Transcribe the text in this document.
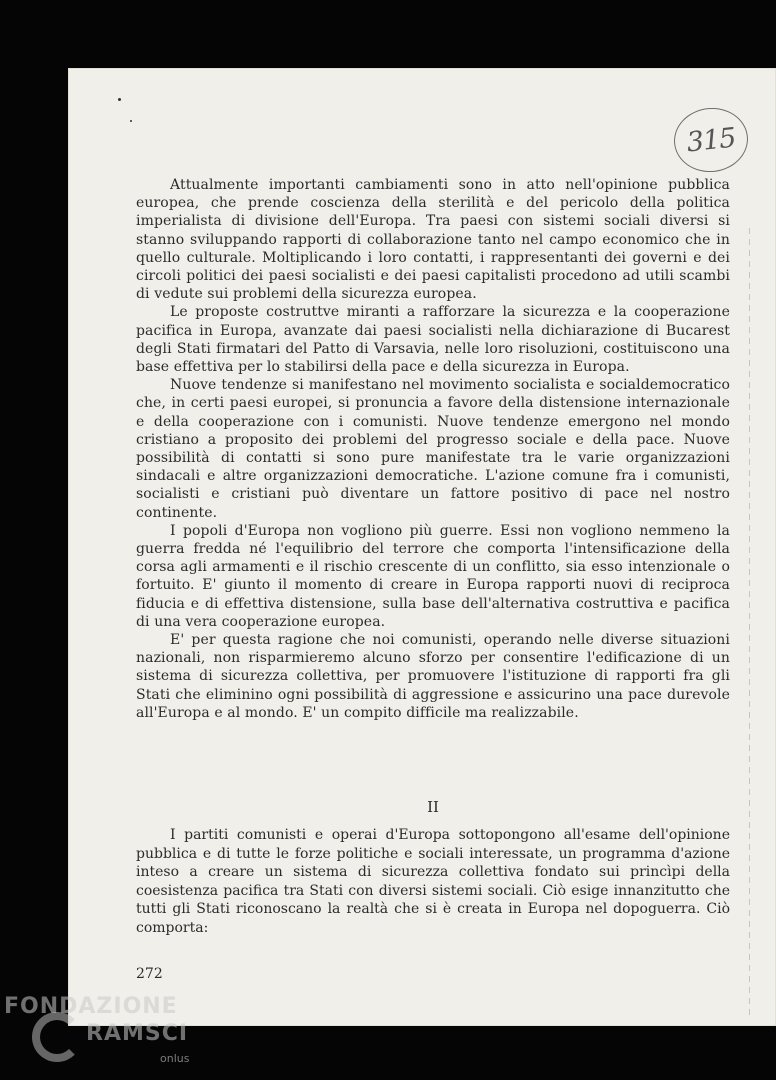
315

Attualmente importanti cambiamenti sono in atto nell'opinione pubblica europea, che prende coscienza della sterilità e del pericolo della politica imperialista di divisione dell'Europa. Tra paesi con sistemi sociali diversi si stanno sviluppando rapporti di collaborazione tanto nel campo economico che in quello culturale. Moltiplicando i loro contatti, i rappresentanti dei governi e dei circoli politici dei paesi socialisti e dei paesi capitalisti procedono ad utili scambi di vedute sui problemi della sicurezza europea.

Le proposte costruttve miranti a rafforzare la sicurezza e la cooperazione pacifica in Europa, avanzate dai paesi socialisti nella dichiarazione di Bucarest degli Stati firmatari del Patto di Varsavia, nelle loro risoluzioni, costituiscono una base effettiva per lo stabilirsi della pace e della sicurezza in Europa.

Nuove tendenze si manifestano nel movimento socialista e socialdemocratico che, in certi paesi europei, si pronuncia a favore della distensione internazionale e della cooperazione con i comunisti. Nuove tendenze emergono nel mondo cristiano a proposito dei problemi del progresso sociale e della pace. Nuove possibilità di contatti si sono pure manifestate tra le varie organizzazioni sindacali e altre organizzazioni democratiche. L'azione comune fra i comunisti, socialisti e cristiani può diventare un fattore positivo di pace nel nostro continente.

I popoli d'Europa non vogliono più guerre. Essi non vogliono nemmeno la guerra fredda né l'equilibrio del terrore che comporta l'intensificazione della corsa agli armamenti e il rischio crescente di un conflitto, sia esso intenzionale o fortuito. E' giunto il momento di creare in Europa rapporti nuovi di reciproca fiducia e di effettiva distensione, sulla base dell'alternativa costruttiva e pacifica di una vera cooperazione europea.

E' per questa ragione che noi comunisti, operando nelle diverse situazioni nazionali, non risparmieremo alcuno sforzo per consentire l'edificazione di un sistema di sicurezza collettiva, per promuovere l'istituzione di rapporti fra gli Stati che eliminino ogni possibilità di aggressione e assicurino una pace durevole all'Europa e al mondo. E' un compito difficile ma realizzabile.

II

I partiti comunisti e operai d'Europa sottopongono all'esame dell'opinione pubblica e di tutte le forze politiche e sociali interessate, un programma d'azione inteso a creare un sistema di sicurezza collettiva fondato sui princìpi della coesistenza pacifica tra Stati con diversi sistemi sociali. Ciò esige innanzitutto che tutti gli Stati riconoscano la realtà che si è creata in Europa nel dopoguerra. Ciò comporta:

272
FONDAZIONE
RAMSCI
onlus
